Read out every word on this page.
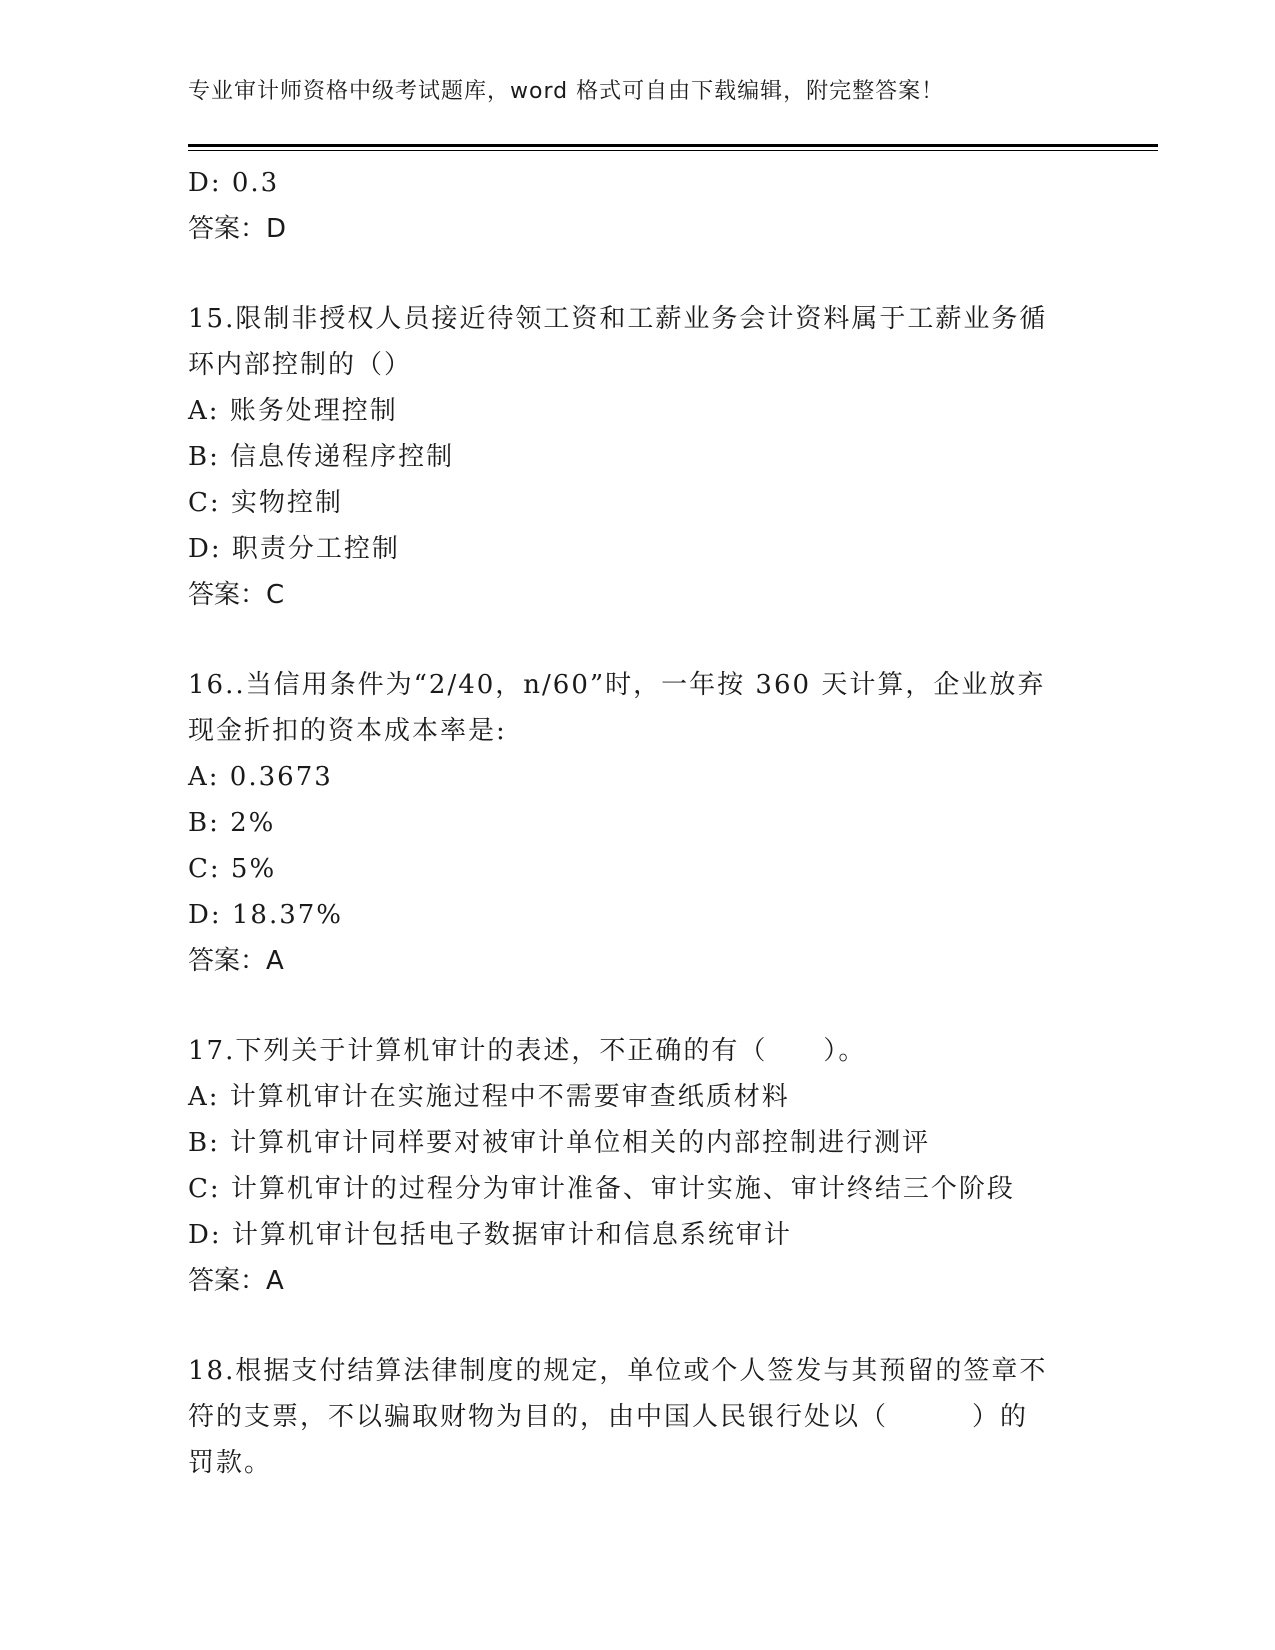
专业审计师资格中级考试题库，word 格式可自由下载编辑，附完整答案！
D: 0.3
答案：D
15.限制非授权人员接近待领工资和工薪业务会计资料属于工薪业务循
环内部控制的（）
A: 账务处理控制
B: 信息传递程序控制
C: 实物控制
D: 职责分工控制
答案：C
16..当信用条件为“2/40，n/60”时，一年按 360 天计算，企业放弃
现金折扣的资本成本率是:
A: 0.3673
B: 2%
C: 5%
D: 18.37%
答案：A
17.下列关于计算机审计的表述，不正确的有（　　）。
A: 计算机审计在实施过程中不需要审查纸质材料
B: 计算机审计同样要对被审计单位相关的内部控制进行测评
C: 计算机审计的过程分为审计准备、审计实施、审计终结三个阶段
D: 计算机审计包括电子数据审计和信息系统审计
答案：A
18.根据支付结算法律制度的规定，单位或个人签发与其预留的签章不
符的支票，不以骗取财物为目的，由中国人民银行处以（　　　）的
罚款。
